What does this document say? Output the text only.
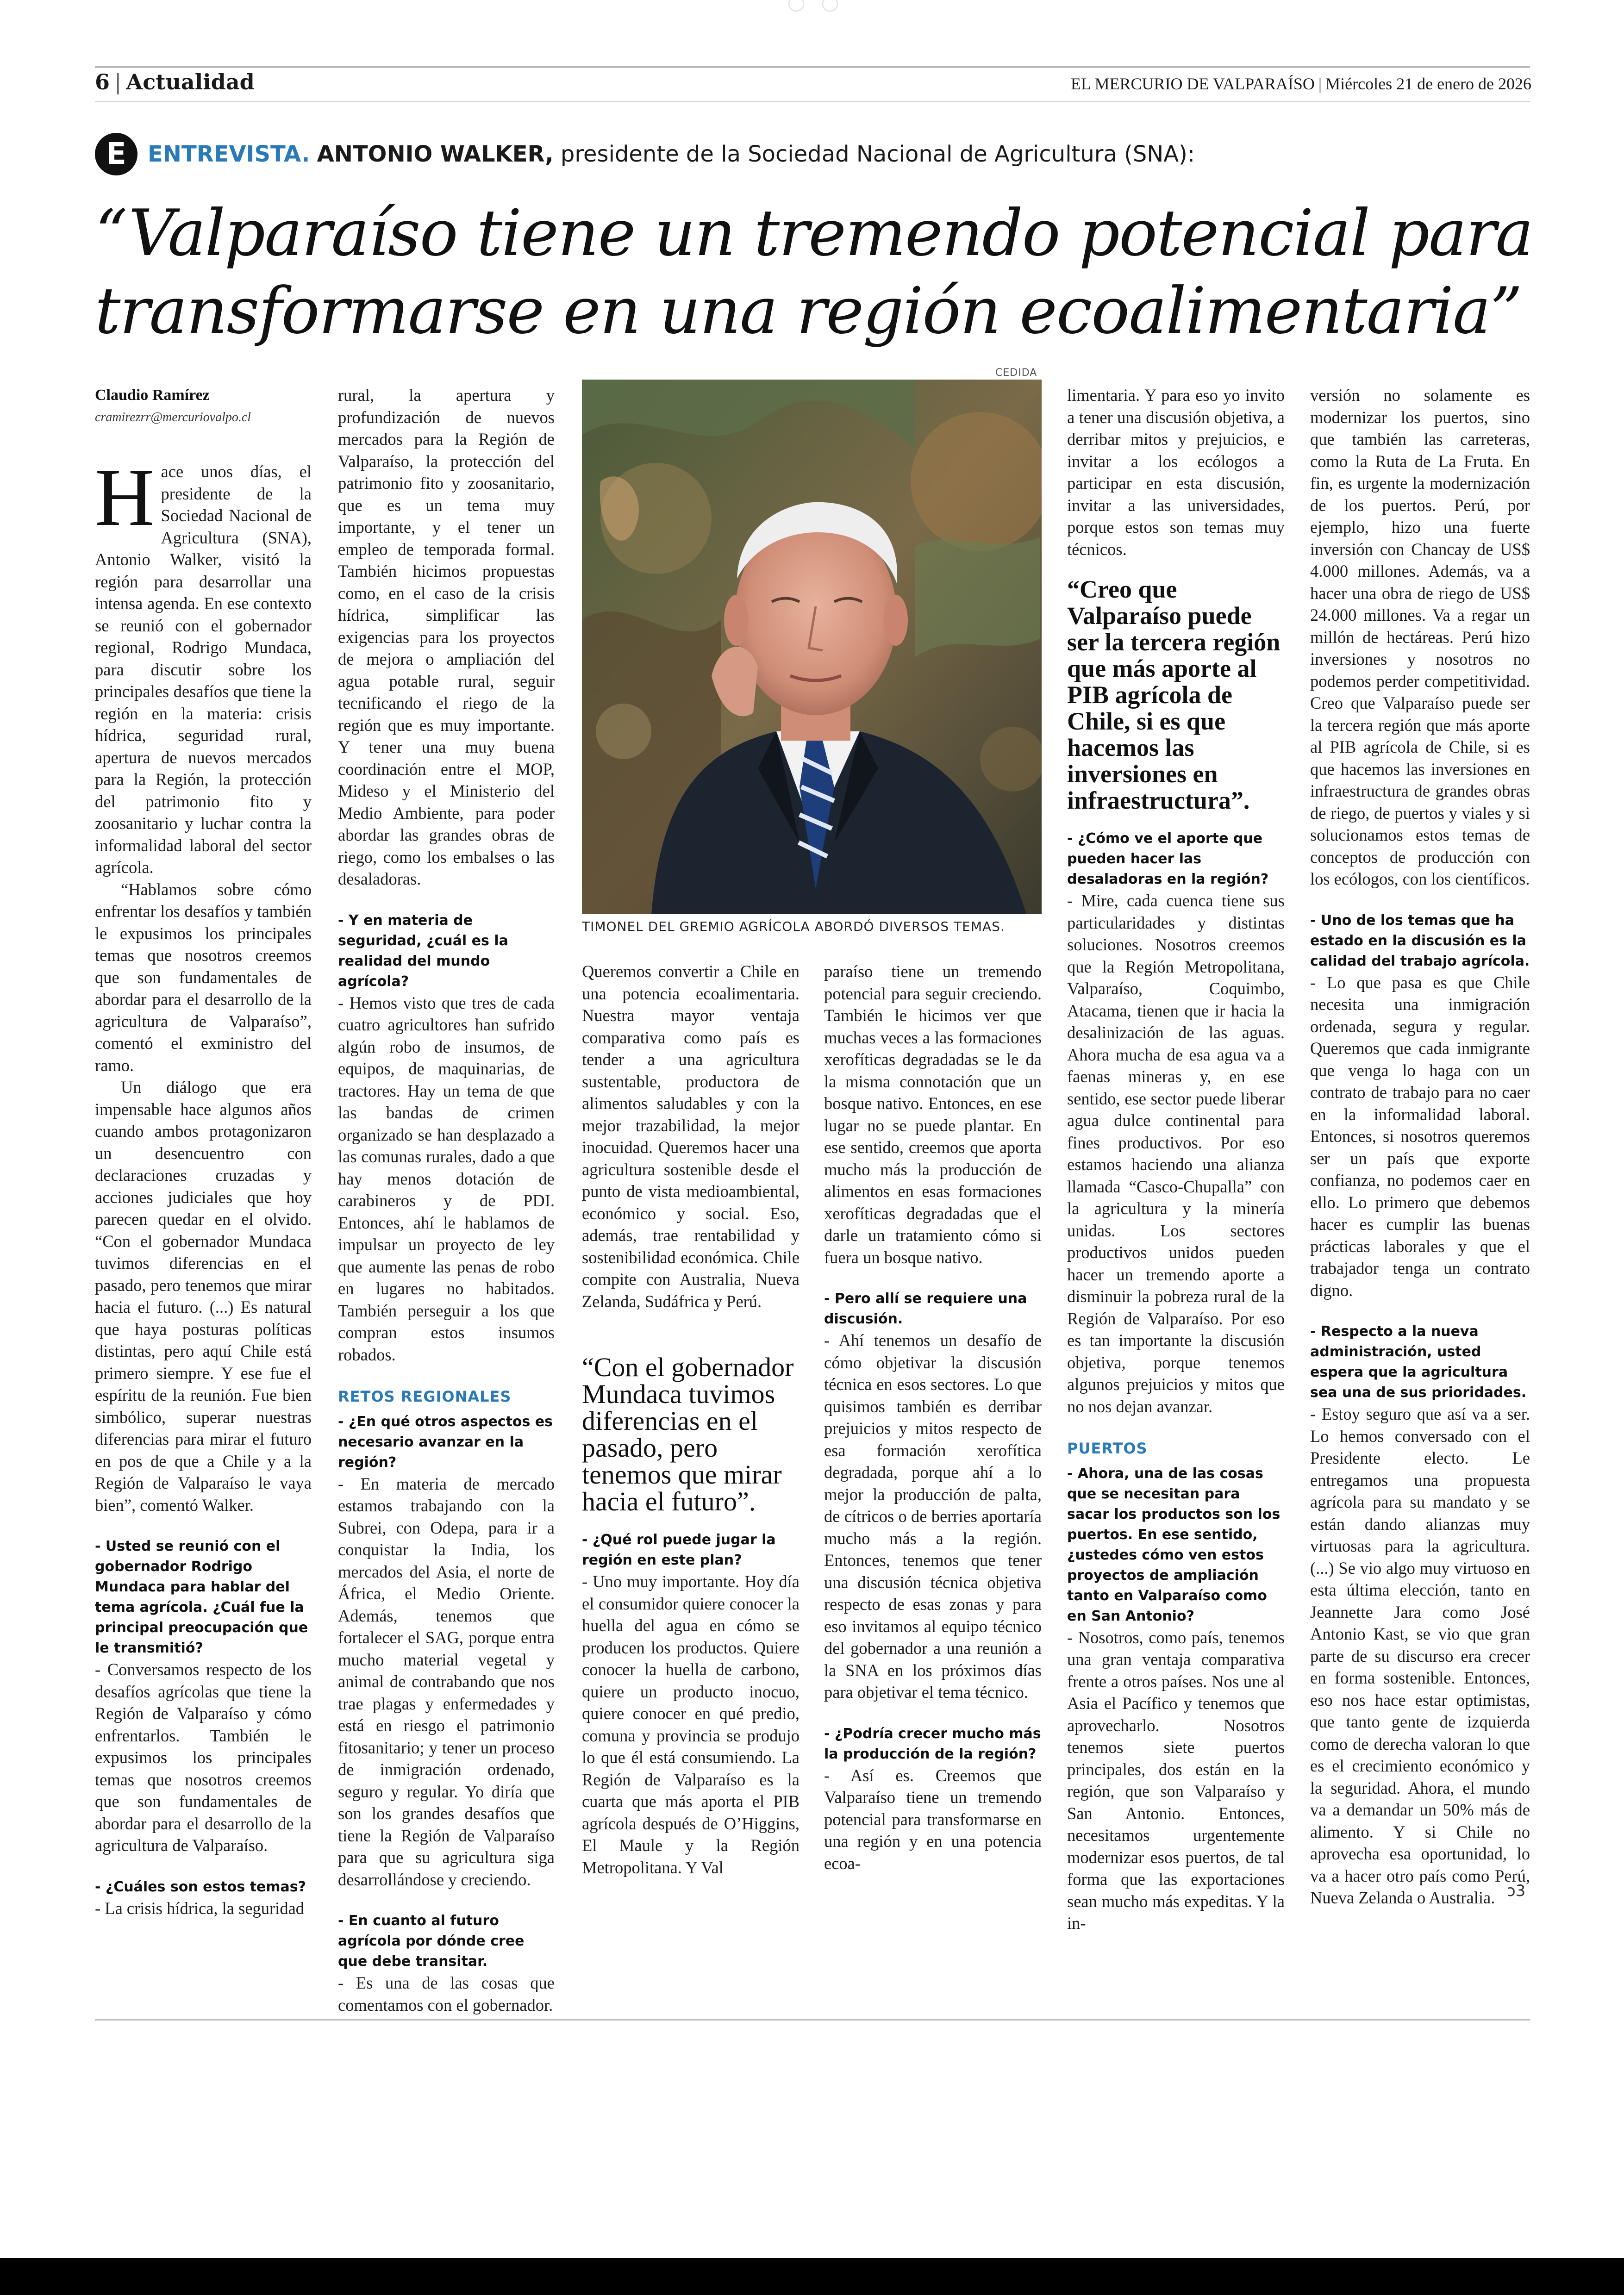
6 | Actualidad	EL MERCURIO DE VALPARAÍSO | Miércoles 21 de enero de 2026
E ENTREVISTA. ANTONIO WALKER, presidente de la Sociedad Nacional de Agricultura (SNA):
“Valparaíso tiene un tremendo potencial para transformarse en una región ecoalimentaria”
CEDIDA
TIMONEL DEL GREMIO AGRÍCOLA ABORDÓ DIVERSOS TEMAS.
Claudio Ramírez
cramirezrr@mercuriovalpo.cl

Hace unos días, el presidente de la Sociedad Nacional de Agricultura (SNA), Antonio Walker, visitó la región para desarrollar una intensa agenda. En ese contexto se reunió con el gobernador regional, Rodrigo Mundaca, para discutir sobre los principales desafíos que tiene la región en la materia: crisis hídrica, seguridad rural, apertura de nuevos mercados para la Región, la protección del patrimonio fito y zoosanitario y luchar contra la informalidad laboral del sector agrícola.

“Hablamos sobre cómo enfrentar los desafíos y también le expusimos los principales temas que nosotros creemos que son fundamentales de abordar para el desarrollo de la agricultura de Valparaíso”, comentó el exministro del ramo.

Un diálogo que era impensable hace algunos años cuando ambos protagonizaron un desencuentro con declaraciones cruzadas y acciones judiciales que hoy parecen quedar en el olvido. “Con el gobernador Mundaca tuvimos diferencias en el pasado, pero tenemos que mirar hacia el futuro. (...) Es natural que haya posturas políticas distintas, pero aquí Chile está primero siempre. Y ese fue el espíritu de la reunión. Fue bien simbólico, superar nuestras diferencias para mirar el futuro en pos de que a Chile y a la Región de Valparaíso le vaya bien”, comentó Walker.

- Usted se reunió con el gobernador Rodrigo Mundaca para hablar del tema agrícola. ¿Cuál fue la principal preocupación que le transmitió?

- Conversamos respecto de los desafíos agrícolas que tiene la Región de Valparaíso y cómo enfrentarlos. También le expusimos los principales temas que nosotros creemos que son fundamentales de abordar para el desarrollo de la agricultura de Valparaíso.

- ¿Cuáles son estos temas?

- La crisis hídrica, la seguridad

rural, la apertura y profundización de nuevos mercados para la Región de Valparaíso, la protección del patrimonio fito y zoosanitario, que es un tema muy importante, y el tener un empleo de temporada formal. También hicimos propuestas como, en el caso de la crisis hídrica, simplificar las exigencias para los proyectos de mejora o ampliación del agua potable rural, seguir tecnificando el riego de la región que es muy importante. Y tener una muy buena coordinación entre el MOP, Mideso y el Ministerio del Medio Ambiente, para poder abordar las grandes obras de riego, como los embalses o las desaladoras.

- Y en materia de seguridad, ¿cuál es la realidad del mundo agrícola?

- Hemos visto que tres de cada cuatro agricultores han sufrido algún robo de insumos, de equipos, de maquinarias, de tractores. Hay un tema de que las bandas de crimen organizado se han desplazado a las comunas rurales, dado a que hay menos dotación de carabineros y de PDI. Entonces, ahí le hablamos de impulsar un proyecto de ley que aumente las penas de robo en lugares no habitados. También perseguir a los que compran estos insumos robados.

RETOS REGIONALES
- ¿En qué otros aspectos es necesario avanzar en la región?

- En materia de mercado estamos trabajando con la Subrei, con Odepa, para ir a conquistar la India, los mercados del Asia, el norte de África, el Medio Oriente. Además, tenemos que fortalecer el SAG, porque entra mucho material vegetal y animal de contrabando que nos trae plagas y enfermedades y está en riesgo el patrimonio fitosanitario; y tener un proceso de inmigración ordenado, seguro y regular. Yo diría que son los grandes desafíos que tiene la Región de Valparaíso para que su agricultura siga desarrollándose y creciendo.

- En cuanto al futuro agrícola por dónde cree que debe transitar.

- Es una de las cosas que comentamos con el gobernador.

Queremos convertir a Chile en una potencia ecoalimentaria. Nuestra mayor ventaja comparativa como país es tender a una agricultura sustentable, productora de alimentos saludables y con la mejor trazabilidad, la mejor inocuidad. Queremos hacer una agricultura sostenible desde el punto de vista medioambiental, económico y social. Eso, además, trae rentabilidad y sostenibilidad económica. Chile compite con Australia, Nueva Zelanda, Sudáfrica y Perú.

“Con el gobernador Mundaca tuvimos diferencias en el pasado, pero tenemos que mirar hacia el futuro”.
- ¿Qué rol puede jugar la región en este plan?

- Uno muy importante. Hoy día el consumidor quiere conocer la huella del agua en cómo se producen los productos. Quiere conocer la huella de carbono, quiere un producto inocuo, quiere conocer en qué predio, comuna y provincia se produjo lo que él está consumiendo. La Región de Valparaíso es la cuarta que más aporta el PIB agrícola después de O’Higgins, El Maule y la Región Metropolitana. Y Val

paraíso tiene un tremendo potencial para seguir creciendo. También le hicimos ver que muchas veces a las formaciones xerofíticas degradadas se le da la misma connotación que un bosque nativo. Entonces, en ese lugar no se puede plantar. En ese sentido, creemos que aporta mucho más la producción de alimentos en esas formaciones xerofíticas degradadas que el darle un tratamiento cómo si fuera un bosque nativo.

- Pero allí se requiere una discusión.

- Ahí tenemos un desafío de cómo objetivar la discusión técnica en esos sectores. Lo que quisimos también es derribar prejuicios y mitos respecto de esa formación xerofítica degradada, porque ahí a lo mejor la producción de palta, de cítricos o de berries aportaría mucho más a la región. Entonces, tenemos que tener una discusión técnica objetiva respecto de esas zonas y para eso invitamos al equipo técnico del gobernador a una reunión a la SNA en los próximos días para objetivar el tema técnico.

- ¿Podría crecer mucho más la producción de la región?

- Así es. Creemos que Valparaíso tiene un tremendo potencial para transformarse en una región y en una potencia ecoa-

limentaria. Y para eso yo invito a tener una discusión objetiva, a derribar mitos y prejuicios, e invitar a los ecólogos a participar en esta discusión, invitar a las universidades, porque estos son temas muy técnicos.

“Creo que Valparaíso puede ser la tercera región que más aporte al PIB agrícola de Chile, si es que hacemos las inversiones en infraestructura”.
- ¿Cómo ve el aporte que pueden hacer las desaladoras en la región?

- Mire, cada cuenca tiene sus particularidades y distintas soluciones. Nosotros creemos que la Región Metropolitana, Valparaíso, Coquimbo, Atacama, tienen que ir hacia la desalinización de las aguas. Ahora mucha de esa agua va a faenas mineras y, en ese sentido, ese sector puede liberar agua dulce continental para fines productivos. Por eso estamos haciendo una alianza llamada “Casco-Chupalla” con la agricultura y la minería unidas. Los sectores productivos unidos pueden hacer un tremendo aporte a disminuir la pobreza rural de la Región de Valparaíso. Por eso es tan importante la discusión objetiva, porque tenemos algunos prejuicios y mitos que no nos dejan avanzar.

PUERTOS
- Ahora, una de las cosas que se necesitan para sacar los productos son los puertos. En ese sentido, ¿ustedes cómo ven estos proyectos de ampliación tanto en Valparaíso como en San Antonio?

- Nosotros, como país, tenemos una gran ventaja comparativa frente a otros países. Nos une al Asia el Pacífico y tenemos que aprovecharlo. Nosotros tenemos siete puertos principales, dos están en la región, que son Valparaíso y San Antonio. Entonces, necesitamos urgentemente modernizar esos puertos, de tal forma que las exportaciones sean mucho más expeditas. Y la in-

versión no solamente es modernizar los puertos, sino que también las carreteras, como la Ruta de La Fruta. En fin, es urgente la modernización de los puertos. Perú, por ejemplo, hizo una fuerte inversión con Chancay de US$ 4.000 millones. Además, va a hacer una obra de riego de US$ 24.000 millones. Va a regar un millón de hectáreas. Perú hizo inversiones y nosotros no podemos perder competitividad. Creo que Valparaíso puede ser la tercera región que más aporte al PIB agrícola de Chile, si es que hacemos las inversiones en infraestructura de grandes obras de riego, de puertos y viales y si solucionamos estos temas de conceptos de producción con los ecólogos, con los científicos.

- Uno de los temas que ha estado en la discusión es la calidad del trabajo agrícola.

- Lo que pasa es que Chile necesita una inmigración ordenada, segura y regular. Queremos que cada inmigrante que venga lo haga con un contrato de trabajo para no caer en la informalidad laboral. Entonces, si nosotros queremos ser un país que exporte confianza, no podemos caer en ello. Lo primero que debemos hacer es cumplir las buenas prácticas laborales y que el trabajador tenga un contrato digno.

- Respecto a la nueva administración, usted espera que la agricultura sea una de sus prioridades.

- Estoy seguro que así va a ser. Lo hemos conversado con el Presidente electo. Le entregamos una propuesta agrícola para su mandato y se están dando alianzas muy virtuosas para la agricultura. (...) Se vio algo muy virtuoso en esta última elección, tanto en Jeannette Jara como José Antonio Kast, se vio que gran parte de su discurso era crecer en forma sostenible. Entonces, eso nos hace estar optimistas, que tanto gente de izquierda como de derecha valoran lo que es el crecimiento económico y la seguridad. Ahora, el mundo va a demandar un 50% más de alimento. Y si Chile no aprovecha esa oportunidad, lo va a hacer otro país como Perú, Nueva Zelanda o Australia. ↄ3
